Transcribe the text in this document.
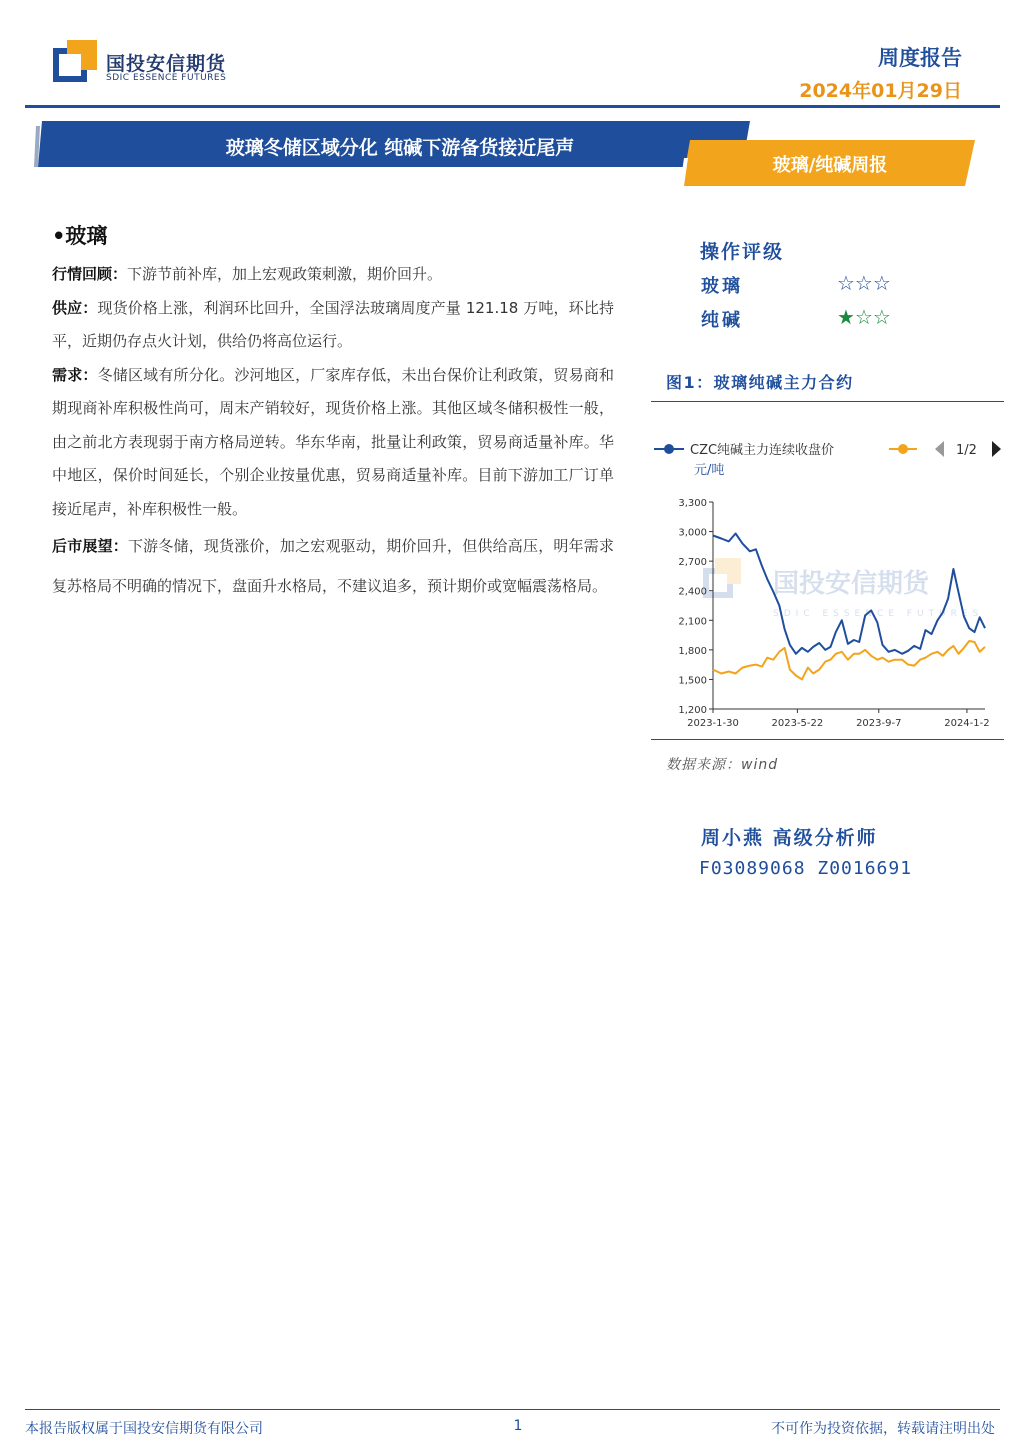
国投安信期货
SDIC ESSENCE FUTURES
周度报告
2024年01月29日
玻璃冬储区域分化 纯碱下游备货接近尾声
玻璃/纯碱周报
•玻璃

行情回顾：下游节前补库，加上宏观政策刺激，期价回升。

供应：现货价格上涨，利润环比回升，全国浮法玻璃周度产量 121.18 万吨，环比持平，近期仍存点火计划，供给仍将高位运行。

需求：冬储区域有所分化。沙河地区，厂家库存低，未出台保价让利政策，贸易商和期现商补库积极性尚可，周末产销较好，现货价格上涨。其他区域冬储积极性一般，由之前北方表现弱于南方格局逆转。华东华南，批量让利政策，贸易商适量补库。华中地区，保价时间延长，个别企业按量优惠，贸易商适量补库。目前下游加工厂订单接近尾声，补库积极性一般。

后市展望：下游冬储，现货涨价，加之宏观驱动，期价回升，但供给高压，明年需求复苏格局不明确的情况下，盘面升水格局，不建议追多，预计期价或宽幅震荡格局。

操作评级
玻璃	☆☆☆
纯碱	★☆☆
图1：玻璃纯碱主力合约
国投安信期货
SDIC ESSENCE FUTURES
CZC纯碱主力连续收盘价	1/2
元/吨
1,200
1,500
1,800
2,100
2,400
2,700
3,000
3,300
2023-1-30	2023-5-22	2023-9-7	2024-1-2
数据来源：wind
周小燕 高级分析师
F03089068 Z0016691
本报告版权属于国投安信期货有限公司	1	不可作为投资依据，转载请注明出处
